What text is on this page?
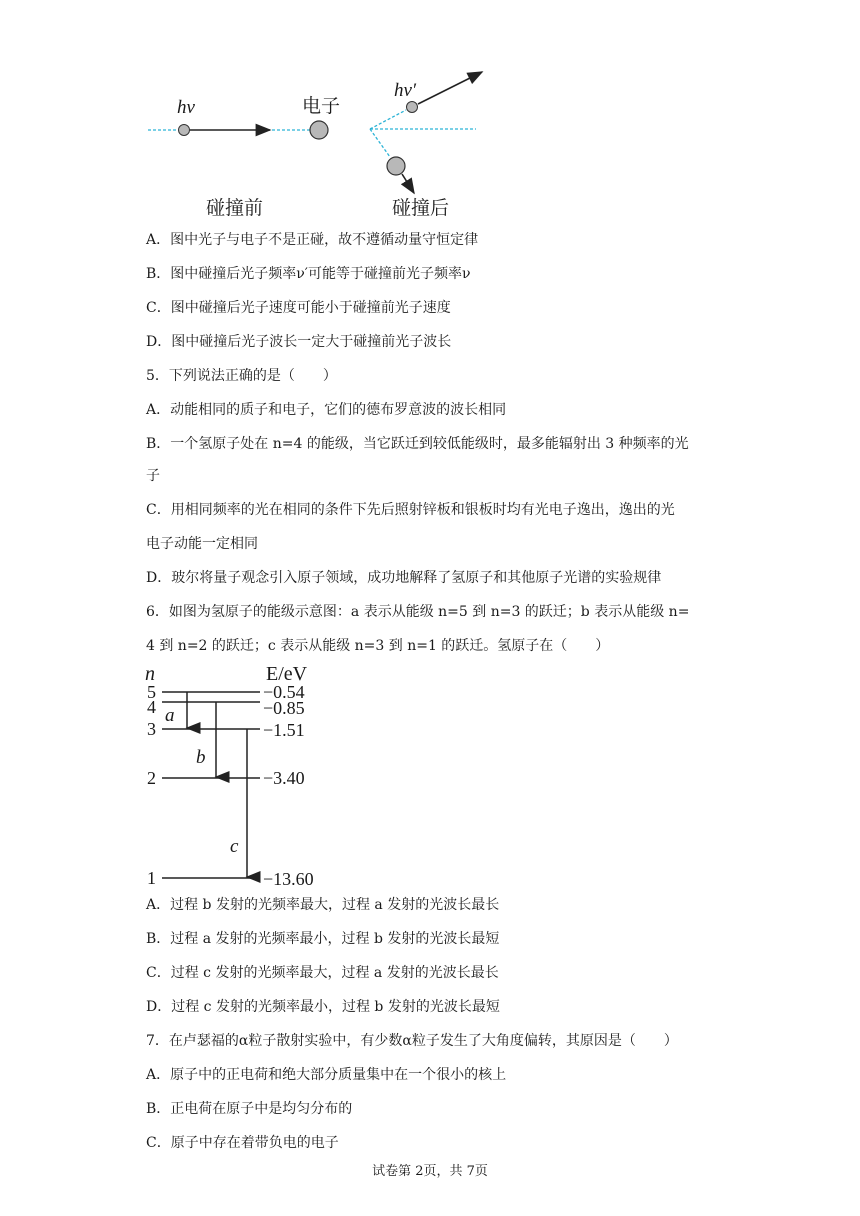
hv	电子
碰撞前
hv′
碰撞后
A．图中光子与电子不是正碰，故不遵循动量守恒定律
B．图中碰撞后光子频率ν′可能等于碰撞前光子频率ν
C．图中碰撞后光子速度可能小于碰撞前光子速度
D．图中碰撞后光子波长一定大于碰撞前光子波长
5．下列说法正确的是（　　）
A．动能相同的质子和电子，它们的德布罗意波的波长相同
B．一个氢原子处在 n=4 的能级，当它跃迁到较低能级时，最多能辐射出 3 种频率的光
子
C．用相同频率的光在相同的条件下先后照射锌板和银板时均有光电子逸出，逸出的光
电子动能一定相同
D．玻尔将量子观念引入原子领域，成功地解释了氢原子和其他原子光谱的实验规律
6．如图为氢原子的能级示意图：a 表示从能级 n=5 到 n=3 的跃迁；b 表示从能级 n=
4 到 n=2 的跃迁；c 表示从能级 n=3 到 n=1 的跃迁。氢原子在（　　）
n	E/eV
5
4
3
2
1
−0.54
−0.85
−1.51
−3.40
−13.60
a
b
c
A．过程 b 发射的光频率最大，过程 a 发射的光波长最长
B．过程 a 发射的光频率最小，过程 b 发射的光波长最短
C．过程 c 发射的光频率最大，过程 a 发射的光波长最长
D．过程 c 发射的光频率最小，过程 b 发射的光波长最短
7．在卢瑟福的α粒子散射实验中，有少数α粒子发生了大角度偏转，其原因是（　　）
A．原子中的正电荷和绝大部分质量集中在一个很小的核上
B．正电荷在原子中是均匀分布的
C．原子中存在着带负电的电子
试卷第 2页，共 7页
